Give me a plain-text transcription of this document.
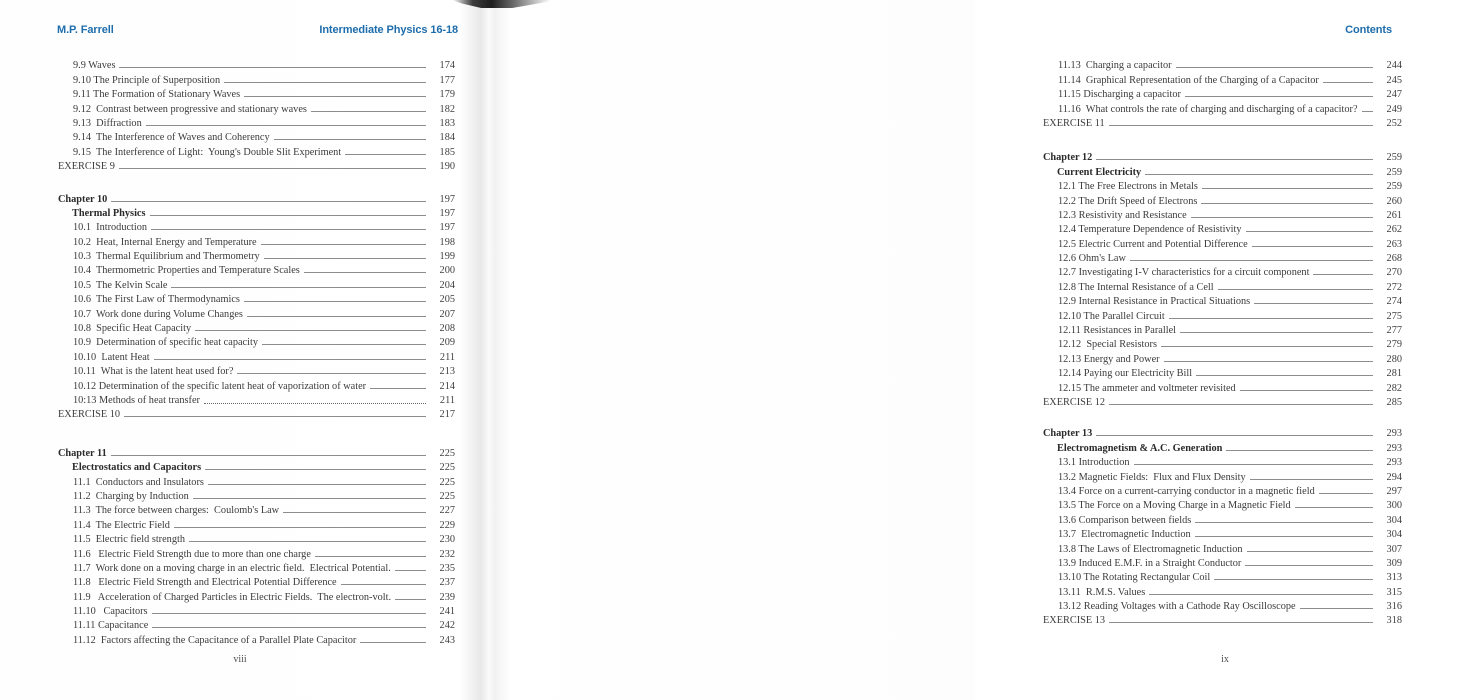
M.P. Farrell	Intermediate Physics 16-18
9.9 Waves	174
9.10 The Principle of Superposition	177
9.11 The Formation of Stationary Waves	179
9.12  Contrast between progressive and stationary waves	182
9.13  Diffraction	183
9.14  The Interference of Waves and Coherency	184
9.15  The Interference of Light:  Young's Double Slit Experiment	185
EXERCISE 9	190
Chapter 10	197
Thermal Physics	197
10.1  Introduction	197
10.2  Heat, Internal Energy and Temperature	198
10.3  Thermal Equilibrium and Thermometry	199
10.4  Thermometric Properties and Temperature Scales	200
10.5  The Kelvin Scale	204
10.6  The First Law of Thermodynamics	205
10.7  Work done during Volume Changes	207
10.8  Specific Heat Capacity	208
10.9  Determination of specific heat capacity	209
10.10  Latent Heat	211
10.11  What is the latent heat used for?	213
10.12 Determination of the specific latent heat of vaporization of water	214
10:13 Methods of heat transfer	211
EXERCISE 10	217
Chapter 11	225
Electrostatics and Capacitors	225
11.1  Conductors and Insulators	225
11.2  Charging by Induction	225
11.3  The force between charges:  Coulomb's Law	227
11.4  The Electric Field	229
11.5  Electric field strength	230
11.6   Electric Field Strength due to more than one charge	232
11.7  Work done on a moving charge in an electric field.  Electrical Potential.	235
11.8   Electric Field Strength and Electrical Potential Difference	237
11.9   Acceleration of Charged Particles in Electric Fields.  The electron-volt.	239
11.10   Capacitors	241
11.11 Capacitance	242
11.12  Factors affecting the Capacitance of a Parallel Plate Capacitor	243
viii
Contents
11.13  Charging a capacitor	244
11.14  Graphical Representation of the Charging of a Capacitor	245
11.15 Discharging a capacitor	247
11.16  What controls the rate of charging and discharging of a capacitor?	249
EXERCISE 11	252
Chapter 12	259
Current Electricity	259
12.1 The Free Electrons in Metals	259
12.2 The Drift Speed of Electrons	260
12.3 Resistivity and Resistance	261
12.4 Temperature Dependence of Resistivity	262
12.5 Electric Current and Potential Difference	263
12.6 Ohm's Law	268
12.7 Investigating I-V characteristics for a circuit component	270
12.8 The Internal Resistance of a Cell	272
12.9 Internal Resistance in Practical Situations	274
12.10 The Parallel Circuit	275
12.11 Resistances in Parallel	277
12.12  Special Resistors	279
12.13 Energy and Power	280
12.14 Paying our Electricity Bill	281
12.15 The ammeter and voltmeter revisited	282
EXERCISE 12	285
Chapter 13	293
Electromagnetism & A.C. Generation	293
13.1 Introduction	293
13.2 Magnetic Fields:  Flux and Flux Density	294
13.4 Force on a current-carrying conductor in a magnetic field	297
13.5 The Force on a Moving Charge in a Magnetic Field	300
13.6 Comparison between fields	304
13.7  Electromagnetic Induction	304
13.8 The Laws of Electromagnetic Induction	307
13.9 Induced E.M.F. in a Straight Conductor	309
13.10 The Rotating Rectangular Coil	313
13.11  R.M.S. Values	315
13.12 Reading Voltages with a Cathode Ray Oscilloscope	316
EXERCISE 13	318
ix
